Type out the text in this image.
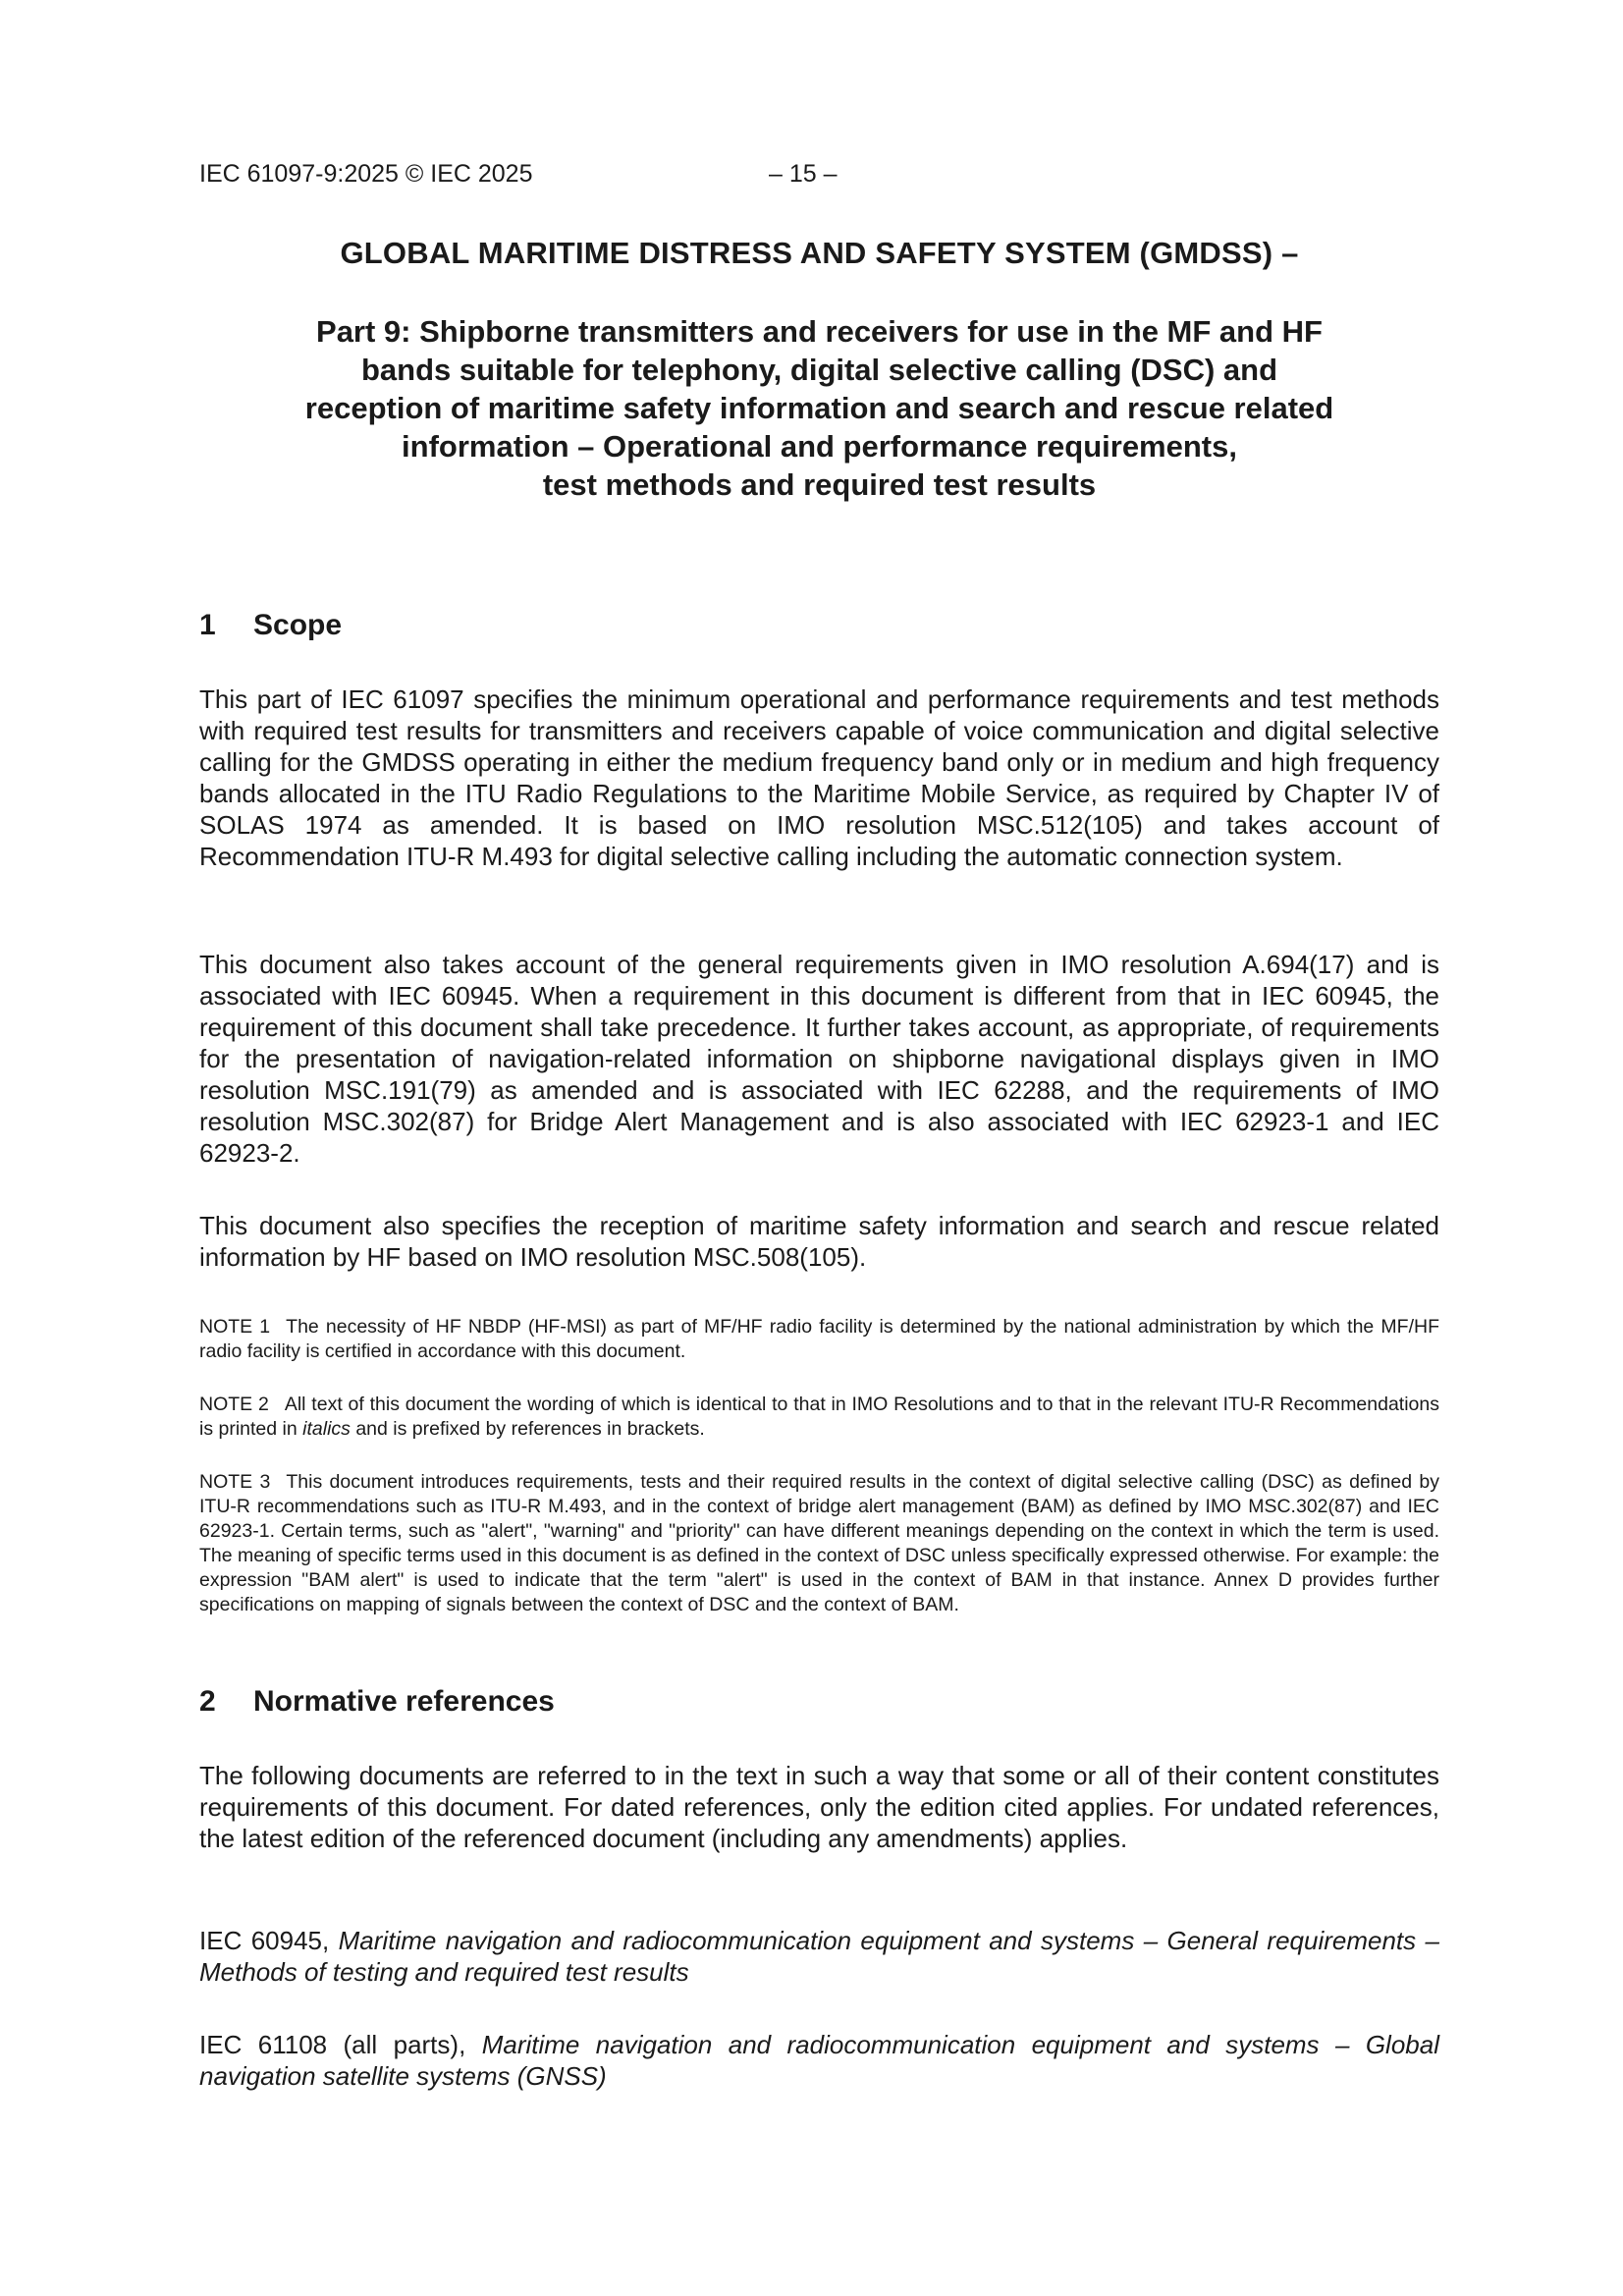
IEC 61097-9:2025 © IEC 2025	– 15 –
GLOBAL MARITIME DISTRESS AND SAFETY SYSTEM (GMDSS) –
Part 9: Shipborne transmitters and receivers for use in the MF and HF
bands suitable for telephony, digital selective calling (DSC) and
reception of maritime safety information and search and rescue related
information – Operational and performance requirements,
test methods and required test results
1 Scope

This part of IEC 61097 specifies the minimum operational and performance requirements and test methods with required test results for transmitters and receivers capable of voice communication and digital selective calling for the GMDSS operating in either the medium frequency band only or in medium and high frequency bands allocated in the ITU Radio Regulations to the Maritime Mobile Service, as required by Chapter IV of SOLAS 1974 as amended. It is based on IMO resolution MSC.512(105) and takes account of Recommendation ITU-R M.493 for digital selective calling including the automatic connection system.

This document also takes account of the general requirements given in IMO resolution A.694(17) and is associated with IEC 60945. When a requirement in this document is different from that in IEC 60945, the requirement of this document shall take precedence. It further takes account, as appropriate, of requirements for the presentation of navigation-related information on shipborne navigational displays given in IMO resolution MSC.191(79) as amended and is associated with IEC 62288, and the requirements of IMO resolution MSC.302(87) for Bridge Alert Management and is also associated with IEC 62923-1 and IEC 62923-2.

This document also specifies the reception of maritime safety information and search and rescue related information by HF based on IMO resolution MSC.508(105).

NOTE 1 The necessity of HF NBDP (HF-MSI) as part of MF/HF radio facility is determined by the national administration by which the MF/HF radio facility is certified in accordance with this document.

NOTE 2 All text of this document the wording of which is identical to that in IMO Resolutions and to that in the relevant ITU-R Recommendations is printed in italics and is prefixed by references in brackets.

NOTE 3 This document introduces requirements, tests and their required results in the context of digital selective calling (DSC) as defined by ITU-R recommendations such as ITU-R M.493, and in the context of bridge alert management (BAM) as defined by IMO MSC.302(87) and IEC 62923-1. Certain terms, such as "alert", "warning" and "priority" can have different meanings depending on the context in which the term is used. The meaning of specific terms used in this document is as defined in the context of DSC unless specifically expressed otherwise. For example: the expression "BAM alert" is used to indicate that the term "alert" is used in the context of BAM in that instance. Annex D provides further specifications on mapping of signals between the context of DSC and the context of BAM.

2 Normative references

The following documents are referred to in the text in such a way that some or all of their content constitutes requirements of this document. For dated references, only the edition cited applies. For undated references, the latest edition of the referenced document (including any amendments) applies.

IEC 60945, Maritime navigation and radiocommunication equipment and systems – General requirements – Methods of testing and required test results

IEC 61108 (all parts), Maritime navigation and radiocommunication equipment and systems – Global navigation satellite systems (GNSS)
